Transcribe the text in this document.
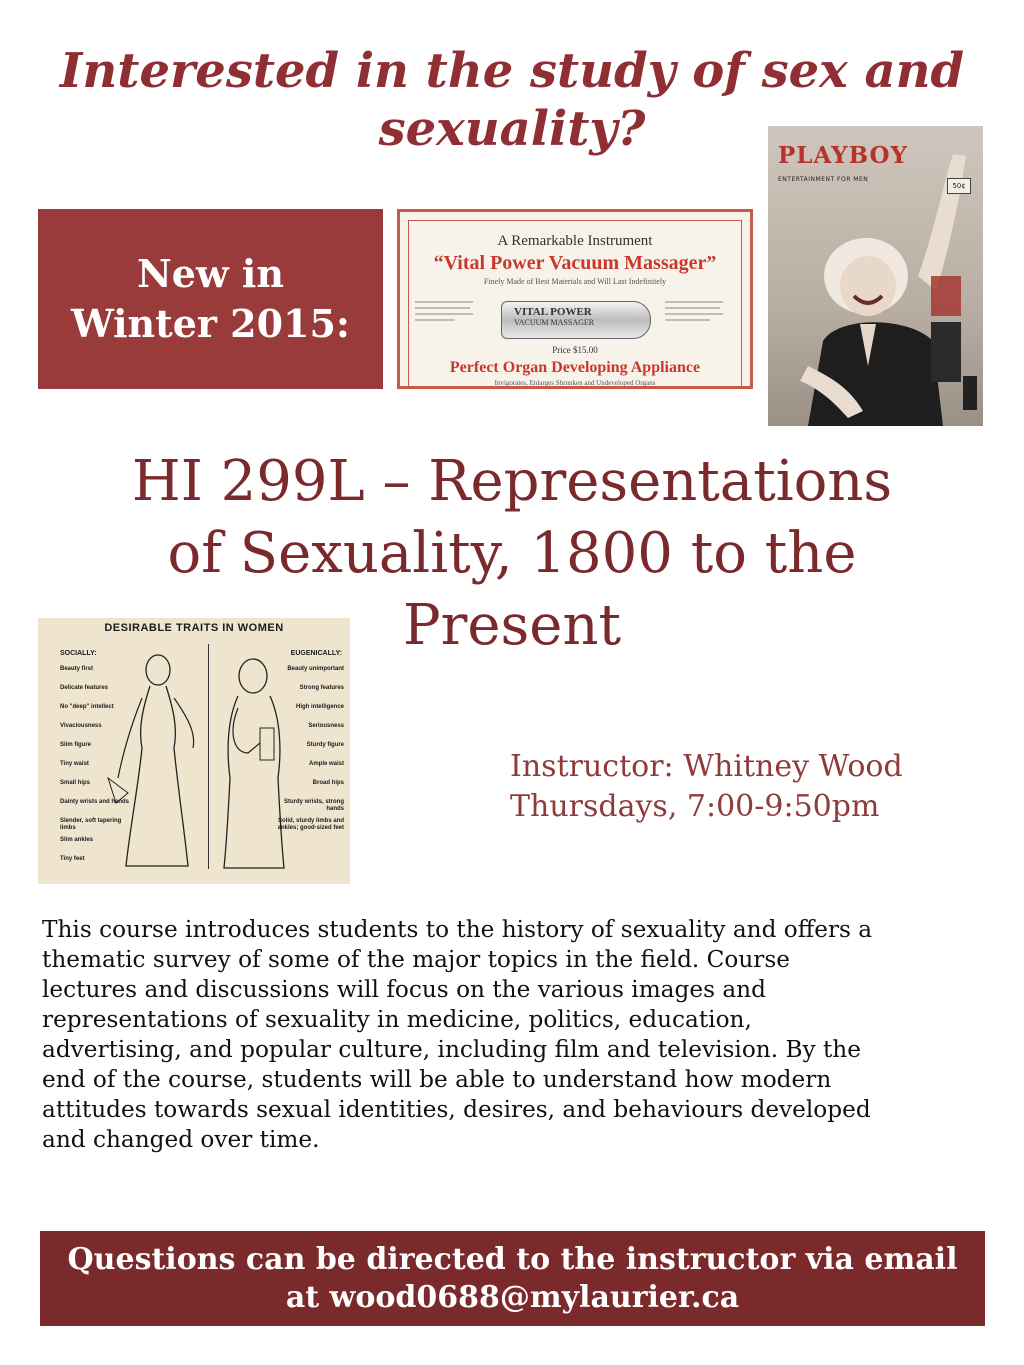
Interested in the study of sex and
sexuality?
New in
Winter 2015:
A Remarkable Instrument
“Vital Power Vacuum Massager”
Finely Made of Best Materials and Will Last Indefinitely
VITAL POWER
VACUUM MASSAGER
Price $15.00
Perfect Organ Developing Appliance
Invigorates, Enlarges Shrunken and Undeveloped Organs
PLAYBOY
ENTERTAINMENT FOR MEN
50¢
HI 299L – Representations
of Sexuality, 1800 to the
Present
DESIRABLE TRAITS IN WOMEN
SOCIALLY:	EUGENICALLY:
Beauty first
Delicate features
No "deep" intellect
Vivaciousness
Slim figure
Tiny waist
Small hips
Dainty wrists and hands
Slender, soft tapering limbs
Slim ankles
Tiny feet
Beauty unimportant
Strong features
High intelligence
Seriousness
Sturdy figure
Ample waist
Broad hips
Sturdy wrists, strong hands
Solid, sturdy limbs and ankles; good-sized feet
Instructor: Whitney Wood
Thursdays, 7:00-9:50pm
This course introduces students to the history of sexuality and offers a
thematic survey of some of the major topics in the field. Course
lectures and discussions will focus on the various images and
representations of sexuality in medicine, politics, education,
advertising, and popular culture, including film and television. By the
end of the course, students will be able to understand how modern
attitudes towards sexual identities, desires, and behaviours developed
and changed over time.
Questions can be directed to the instructor via email
at wood0688@mylaurier.ca
